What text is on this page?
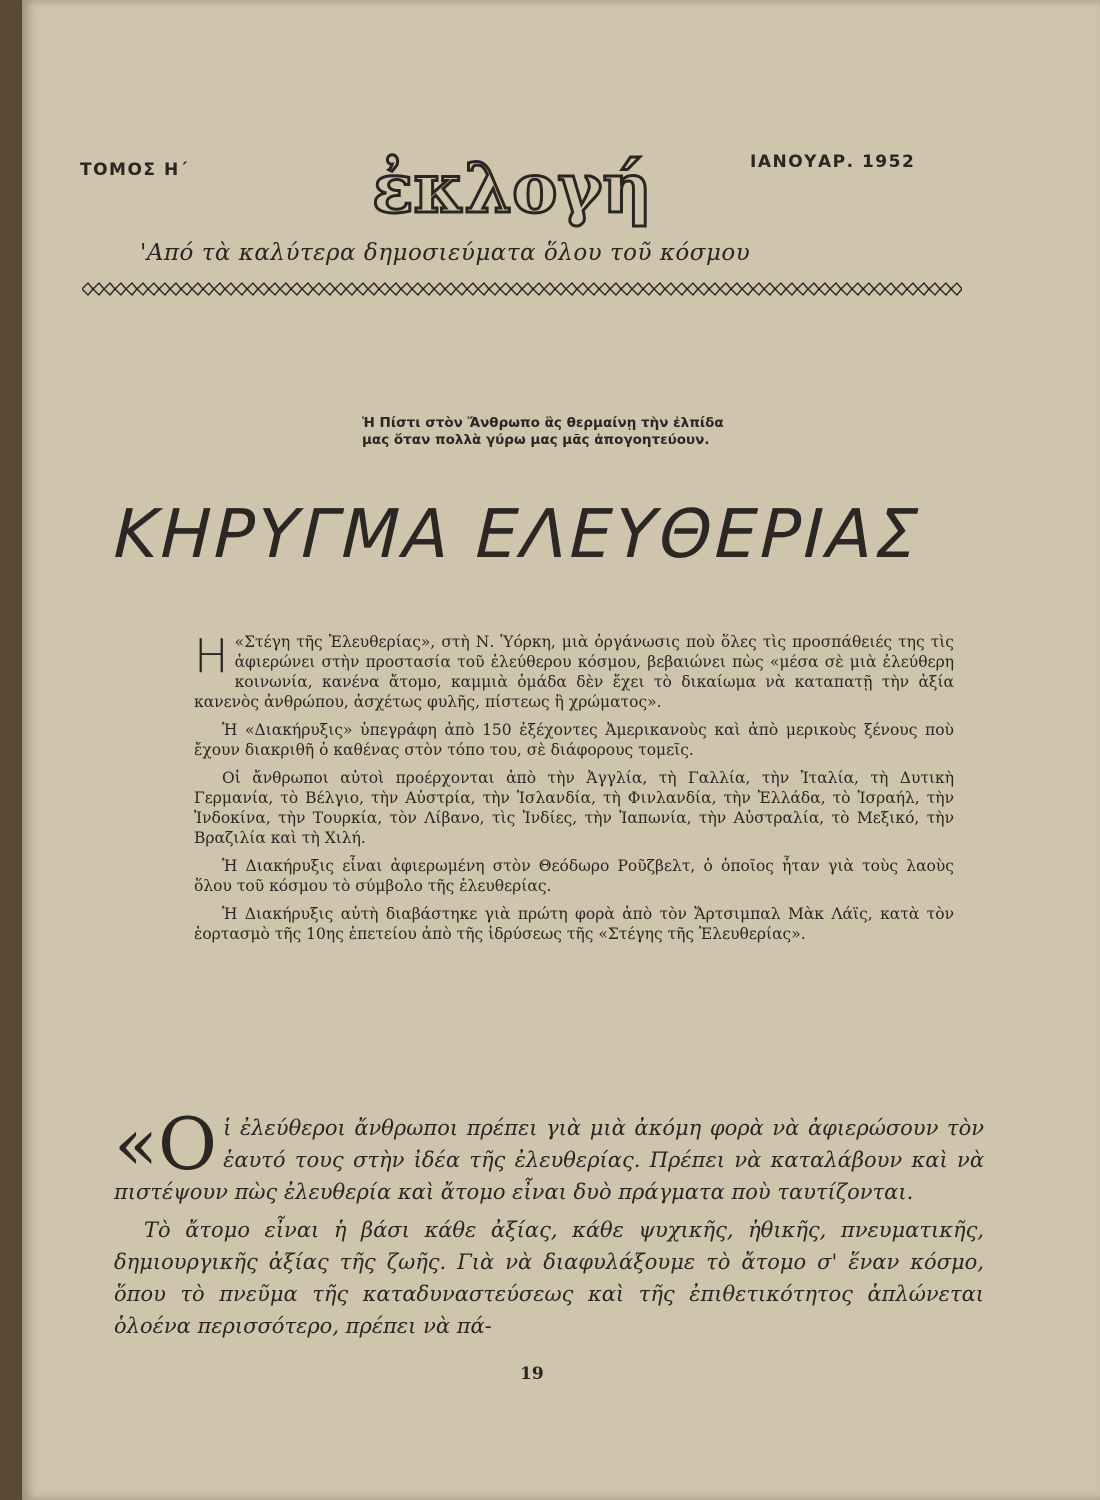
ΤΟΜΟΣ Η΄	ἐκλογή	ΙΑΝΟΥΑΡ. 1952
'Από τὰ καλύτερα δημοσιεύματα ὅλου τοῦ κόσμου
Ἡ Πίστι στὸν Ἄνθρωπο ἂς θερμαίνῃ τὴν ἐλπίδα μας ὅταν πολλὰ γύρω μας μᾶς ἀπογοητεύουν.
ΚΗΡΥΓΜΑ ΕΛΕΥΘΕΡΙΑΣ

Η «Στέγη τῆς Ἐλευθερίας», στὴ Ν. Ὑόρκη, μιὰ ὀργάνωσις ποὺ ὅλες τὶς προσπάθειές της τὶς ἀφιερώνει στὴν προστασία τοῦ ἐλεύθερου κόσμου, βεβαιώνει πὼς «μέσα σὲ μιὰ ἐλεύθερη κοινωνία, κανένα ἄτομο, καμμιὰ ὁμάδα δὲν ἔχει τὸ δικαίωμα νὰ καταπατῇ τὴν ἀξία κανενὸς ἀνθρώπου, ἀσχέτως φυλῆς, πίστεως ἢ χρώματος».

Ἡ «Διακήρυξις» ὑπεγράφη ἀπὸ 150 ἐξέχοντες Ἀμερικανοὺς καὶ ἀπὸ μερικοὺς ξένους ποὺ ἔχουν διακριθῆ ὁ καθένας στὸν τόπο του, σὲ διάφορους τομεῖς.

Οἱ ἄνθρωποι αὐτοὶ προέρχονται ἀπὸ τὴν Ἀγγλία, τὴ Γαλλία, τὴν Ἰταλία, τὴ Δυτικὴ Γερμανία, τὸ Βέλγιο, τὴν Αὐστρία, τὴν Ἰσλανδία, τὴ Φινλανδία, τὴν Ἑλλάδα, τὸ Ἰσραήλ, τὴν Ἰνδοκίνα, τὴν Τουρκία, τὸν Λίβανο, τὶς Ἰνδίες, τὴν Ἰαπωνία, τὴν Αὐστραλία, τὸ Μεξικό, τὴν Βραζιλία καὶ τὴ Χιλή.

Ἡ Διακήρυξις εἶναι ἀφιερωμένη στὸν Θεόδωρο Ροῦζβελτ, ὁ ὁποῖος ἦταν γιὰ τοὺς λαοὺς ὅλου τοῦ κόσμου τὸ σύμβολο τῆς ἐλευθερίας.

Ἡ Διακήρυξις αὐτὴ διαβάστηκε γιὰ πρώτη φορὰ ἀπὸ τὸν Ἄρτσιμπαλ Μὰκ Λάϊς, κατὰ τὸν ἑορτασμὸ τῆς 10ης ἐπετείου ἀπὸ τῆς ἱδρύσεως τῆς «Στέγης τῆς Ἐλευθερίας».

«Ο ἱ ἐλεύθεροι ἄνθρωποι πρέπει γιὰ μιὰ ἀκόμη φορὰ νὰ ἀφιερώσουν τὸν ἑαυτό τους στὴν ἰδέα τῆς ἐλευθερίας. Πρέπει νὰ καταλάβουν καὶ νὰ πιστέψουν πὼς ἐλευθερία καὶ ἄτομο εἶναι δυὸ πράγματα ποὺ ταυτίζονται.

Τὸ ἄτομο εἶναι ἡ βάσι κάθε ἀξίας, κάθε ψυχικῆς, ἠθικῆς, πνευματικῆς, δημιουργικῆς ἀξίας τῆς ζωῆς. Γιὰ νὰ διαφυλάξουμε τὸ ἄτομο σ' ἕναν κόσμο, ὅπου τὸ πνεῦμα τῆς καταδυναστεύσεως καὶ τῆς ἐπιθετικότητος ἁπλώνεται ὁλοένα περισσότερο, πρέπει νὰ πά-

19
